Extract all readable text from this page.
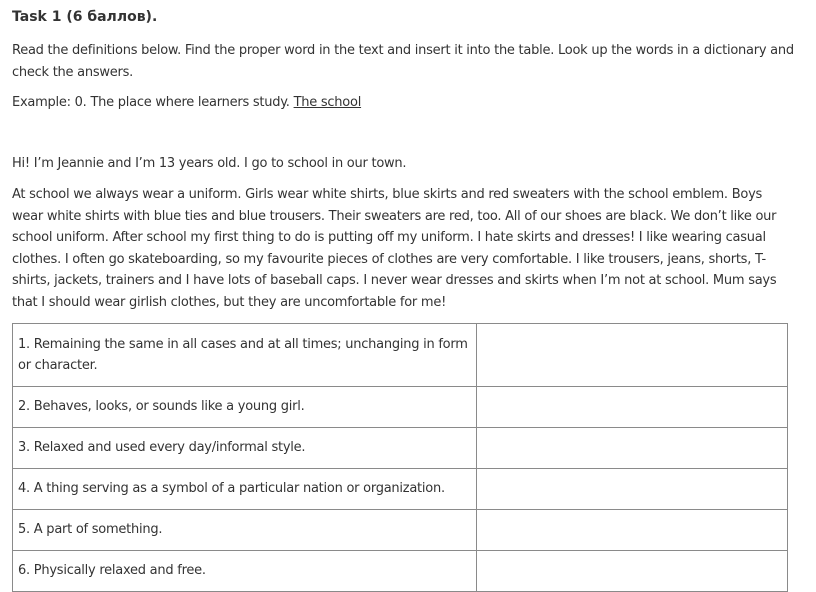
Task 1 (6 баллов).

Read the definitions below. Find the proper word in the text and insert it into the table. Look up the words in a dictionary and check the answers.

Example: 0. The place where learners study. The school

Hi! I’m Jeannie and I’m 13 years old. I go to school in our town.

At school we always wear a uniform. Girls wear white shirts, blue skirts and red sweaters with the school emblem. Boys wear white shirts with blue ties and blue trousers. Their sweaters are red, too. All of our shoes are black. We don’t like our school uniform. After school my first thing to do is putting off my uniform. I hate skirts and dresses! I like wearing casual clothes. I often go skateboarding, so my favourite pieces of clothes are very comfortable. I like trousers, jeans, shorts, T-shirts, jackets, trainers and I have lots of baseball caps. I never wear dresses and skirts when I’m not at school. Mum says that I should wear girlish clothes, but they are uncomfortable for me!

1. Remaining the same in all cases and at all times; unchanging in form or character.	
2. Behaves, looks, or sounds like a young girl.	
3. Relaxed and used every day/informal style.	
4. A thing serving as a symbol of a particular nation or organization.	
5. A part of something.	
6. Physically relaxed and free.	
